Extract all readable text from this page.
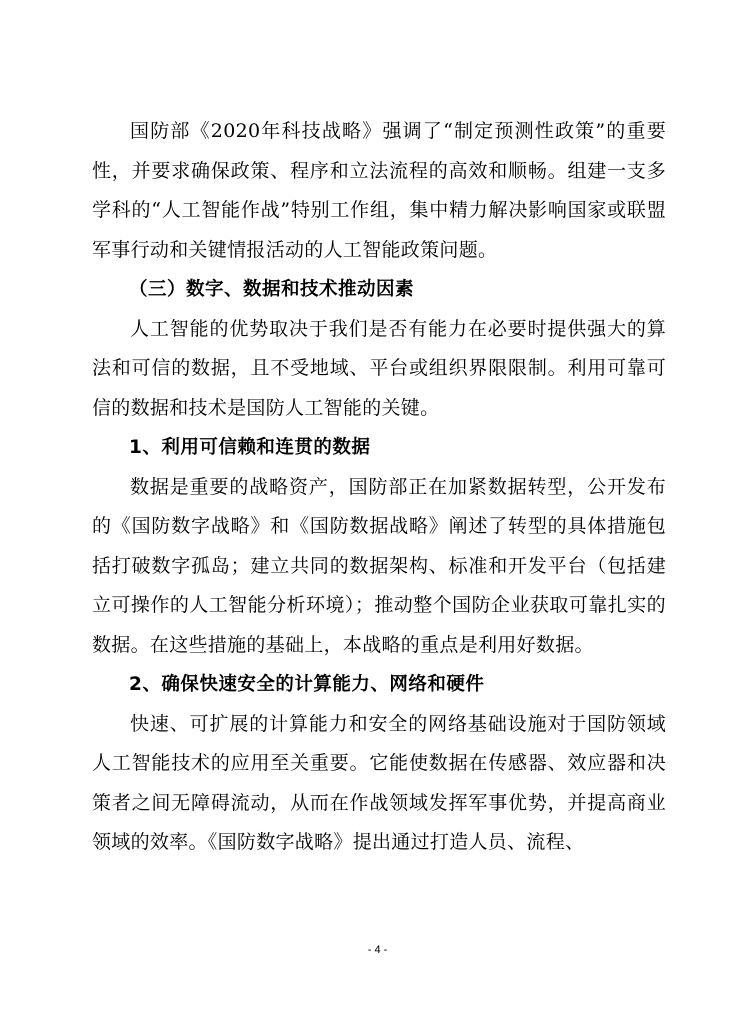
国防部《2020年科技战略》强调了“制定预测性政策”的重要性，并要求确保政策、程序和立法流程的高效和顺畅。组建一支多学科的“人工智能作战”特别工作组，集中精力解决影响国家或联盟军事行动和关键情报活动的人工智能政策问题。

（三）数字、数据和技术推动因素

人工智能的优势取决于我们是否有能力在必要时提供强大的算法和可信的数据，且不受地域、平台或组织界限限制。利用可靠可信的数据和技术是国防人工智能的关键。

1、利用可信赖和连贯的数据

数据是重要的战略资产，国防部正在加紧数据转型，公开发布的《国防数字战略》和《国防数据战略》阐述了转型的具体措施包括打破数字孤岛；建立共同的数据架构、标准和开发平台（包括建立可操作的人工智能分析环境）；推动整个国防企业获取可靠扎实的数据。在这些措施的基础上，本战略的重点是利用好数据。

2、确保快速安全的计算能力、网络和硬件

快速、可扩展的计算能力和安全的网络基础设施对于国防领域人工智能技术的应用至关重要。它能使数据在传感器、效应器和决策者之间无障碍流动，从而在作战领域发挥军事优势，并提高商业领域的效率。《国防数字战略》提出通过打造人员、流程、

- 4 -
